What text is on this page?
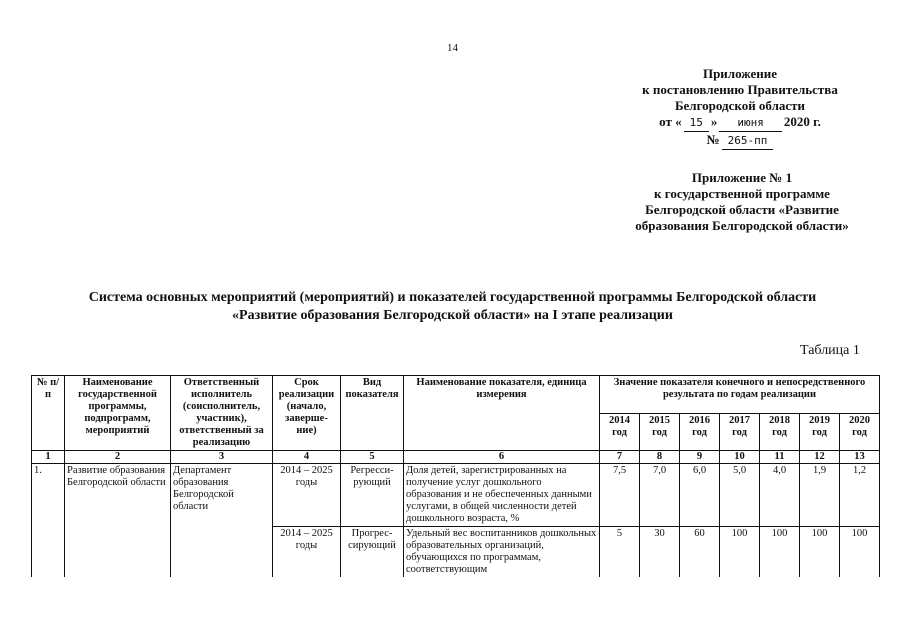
14
Приложение
к постановлению Правительства
Белгородской области
от « 15 »	июня	2020 г.
№ 265-пп
Приложение № 1
к государственной программе
Белгородской области «Развитие
образования Белгородской области»
Система основных мероприятий (мероприятий) и показателей государственной программы Белгородской области
«Развитие образования Белгородской области» на I этапе реализации
Таблица 1
№ п/п	Наименование государственной программы, подпрограмм, мероприятий	Ответственный исполнитель (соисполнитель, участник), ответственный за реализацию	Срок реализации (начало, заверше- ние)	Вид показателя	Наименование показателя, единица измерения	Значение показателя конечного и непосредственного результата по годам реализации						
						2014 год	2015 год	2016 год	2017 год	2018 год	2019 год	2020 год
1	2	3	4	5	6	7	8	9	10	11	12	13
1.	Развитие образования Белгородской области	Департамент образования Белгородской области	2014 – 2025 годы	Регресси- рующий	Доля детей, зарегистрированных на получение услуг дошкольного образования и не обеспеченных данными услугами, в общей численности детей дошкольного возраста, %	7,5	7,0	6,0	5,0	4,0	1,9	1,2
			2014 – 2025 годы	Прогрес- сирующий	Удельный вес воспитанников дошкольных образовательных организаций, обучающихся по программам, соответствующим	5	30	60	100	100	100	100
